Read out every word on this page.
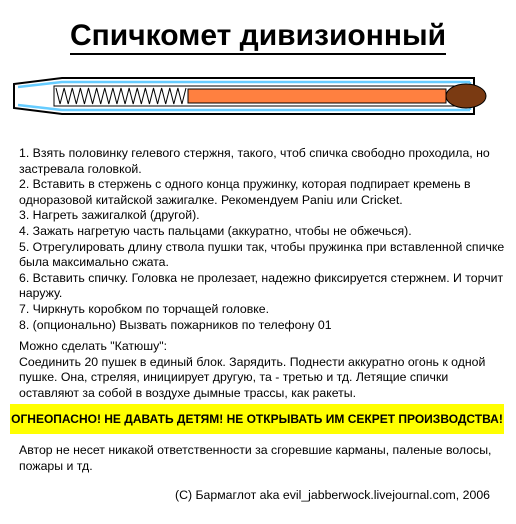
Спичкомет дивизионный
1. Взять половинку гелевого стержня, такого, чтоб спичка свободно проходила, но застревала головкой.
2. Вставить в стержень с одного конца пружинку, которая подпирает кремень в одноразовой китайской зажигалке. Рекомендуем Paniu или Cricket.
3. Нагреть зажигалкой (другой).
4. Зажать нагретую часть пальцами (аккуратно, чтобы не обжечься).
5. Отрегулировать длину ствола пушки так, чтобы пружинка при вставленной спичке была максимально сжата.
6. Вставить спичку. Головка не пролезает, надежно фиксируется стержнем. И торчит наружу.
7. Чиркнуть коробком по торчащей головке.
8. (опционально) Вызвать пожарников по телефону 01
Можно сделать "Катюшу":
Соединить 20 пушек в единый блок. Зарядить. Поднести аккуратно огонь к одной пушке. Она, стреляя, инициирует другую, та - третью и тд. Летящие спички оставляют за собой в воздухе дымные трассы, как ракеты.
ОГНЕОПАСНО! НЕ ДАВАТЬ ДЕТЯМ! НЕ ОТКРЫВАТЬ ИМ СЕКРЕТ ПРОИЗВОДСТВА!
Автор не несет никакой ответственности за сгоревшие карманы, паленые волосы, пожары и тд.
(C) Бармаглот aka evil_jabberwock.livejournal.com, 2006
